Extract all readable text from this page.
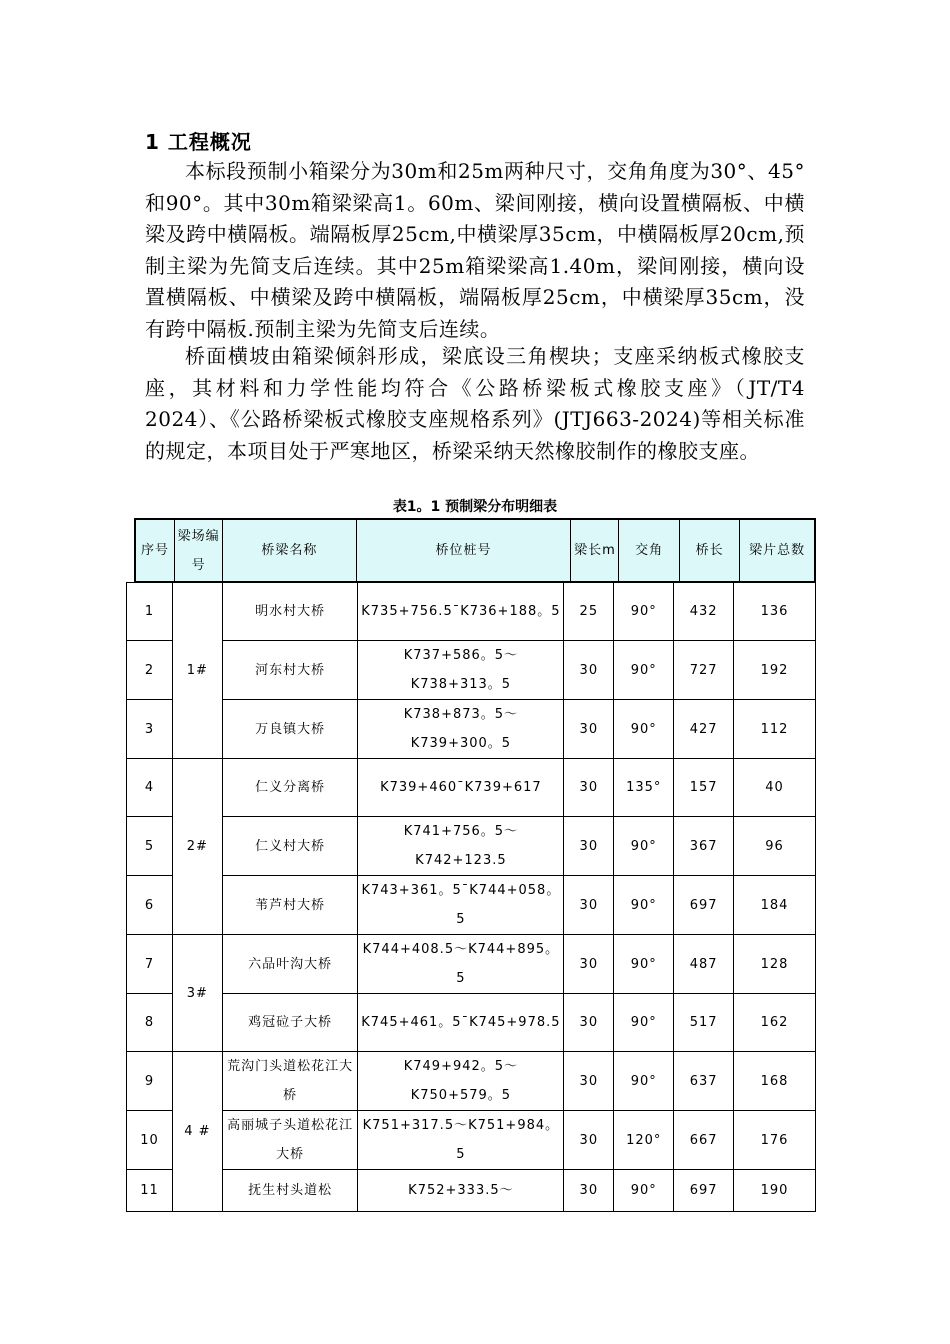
1 工程概况

本标段预制小箱梁分为30m和25m两种尺寸，交角角度为30°、45°和90°。其中30m箱梁梁高1。60m、梁间刚接，横向设置横隔板、中横梁及跨中横隔板。端隔板厚25cm,中横梁厚35cm，中横隔板厚20cm,预制主梁为先简支后连续。其中25m箱梁梁高1.40m，梁间刚接，横向设置横隔板、中横梁及跨中横隔板，端隔板厚25cm，中横梁厚35cm，没有跨中隔板.预制主梁为先简支后连续。

桥面横坡由箱梁倾斜形成，梁底设三角楔块；支座采纳板式橡胶支座，其材料和力学性能均符合《公路桥梁板式橡胶支座》（JT/T4 2024）、《公路桥梁板式橡胶支座规格系列》(JTJ663-2024)等相关标准的规定，本项目处于严寒地区，桥梁采纳天然橡胶制作的橡胶支座。

表1。1 预制梁分布明细表
序号	梁场编号	桥梁名称	桥位桩号	梁长m	交角	桥长	梁片总数
1	1#	明水村大桥	K735+756.5¯K736+188。5	25	90°	432	136
2		河东村大桥	K737+586。5～K738+313。5	30	90°	727	192
3		万良镇大桥	K738+873。5～K739+300。5	30	90°	427	112
4	2#	仁义分离桥	K739+460¯K739+617	30	135°	157	40
5		仁义村大桥	K741+756。5～K742+123.5	30	90°	367	96
6		苇芦村大桥	K743+361。5¯K744+058。5	30	90°	697	184
7	3#	六品叶沟大桥	K744+408.5～K744+895。5	30	90°	487	128
8		鸡冠砬子大桥	K745+461。5¯K745+978.5	30	90°	517	162
9	4 #	荒沟门头道松花江大桥	K749+942。5～K750+579。5	30	90°	637	168
10		高丽城子头道松花江大桥	K751+317.5～K751+984。5	30	120°	667	176
11		抚生村头道松	K752+333.5～	30	90°	697	190
